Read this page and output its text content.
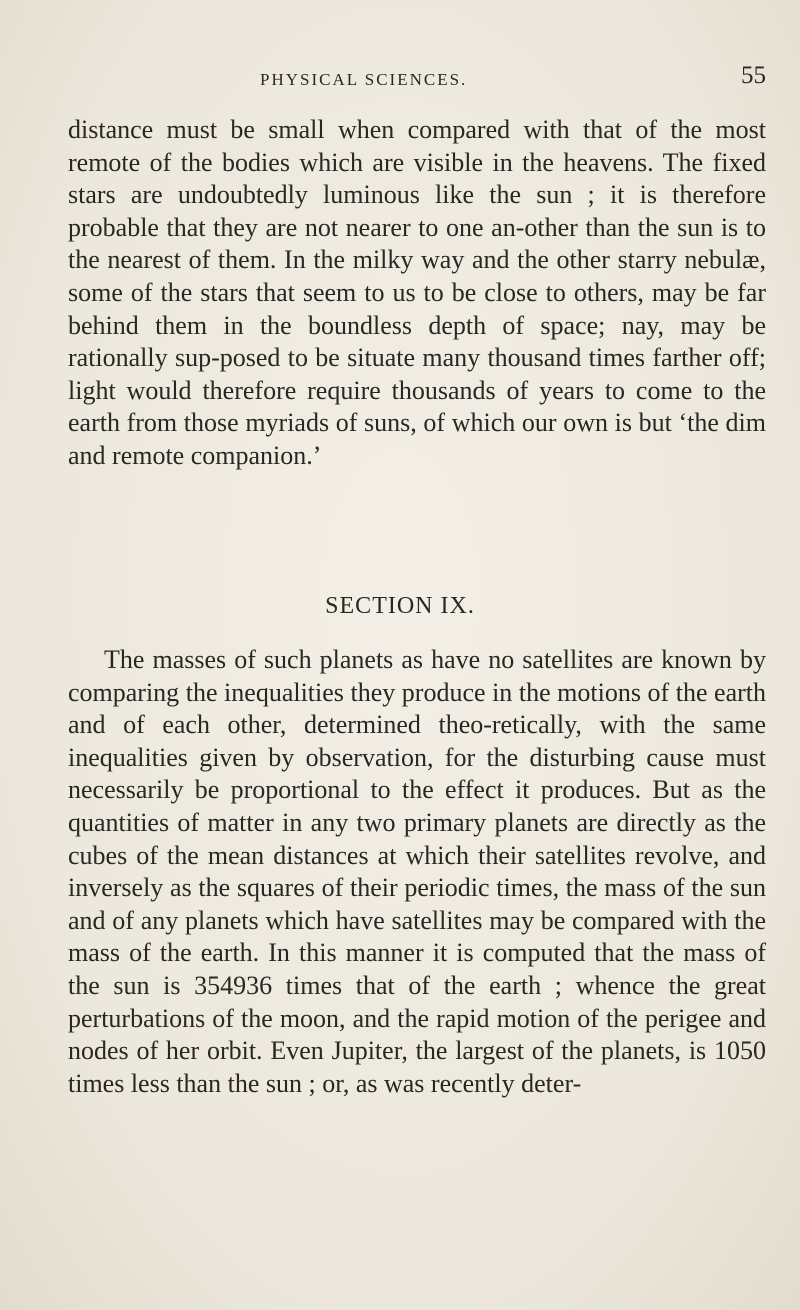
PHYSICAL SCIENCES.	55

distance must be small when compared with that of the most remote of the bodies which are visible in the heavens. The fixed stars are undoubtedly luminous like the sun ; it is therefore probable that they are not nearer to one an-other than the sun is to the nearest of them. In the milky way and the other starry nebulæ, some of the stars that seem to us to be close to others, may be far behind them in the boundless depth of space; nay, may be rationally sup-posed to be situate many thousand times farther off; light would therefore require thousands of years to come to the earth from those myriads of suns, of which our own is but ‘the dim and remote companion.’

SECTION IX.

The masses of such planets as have no satellites are known by comparing the inequalities they produce in the motions of the earth and of each other, determined theo-retically, with the same inequalities given by observation, for the disturbing cause must necessarily be proportional to the effect it produces. But as the quantities of matter in any two primary planets are directly as the cubes of the mean distances at which their satellites revolve, and inversely as the squares of their periodic times, the mass of the sun and of any planets which have satellites may be compared with the mass of the earth. In this manner it is computed that the mass of the sun is 354936 times that of the earth ; whence the great perturbations of the moon, and the rapid motion of the perigee and nodes of her orbit. Even Jupiter, the largest of the planets, is 1050 times less than the sun ; or, as was recently deter-
